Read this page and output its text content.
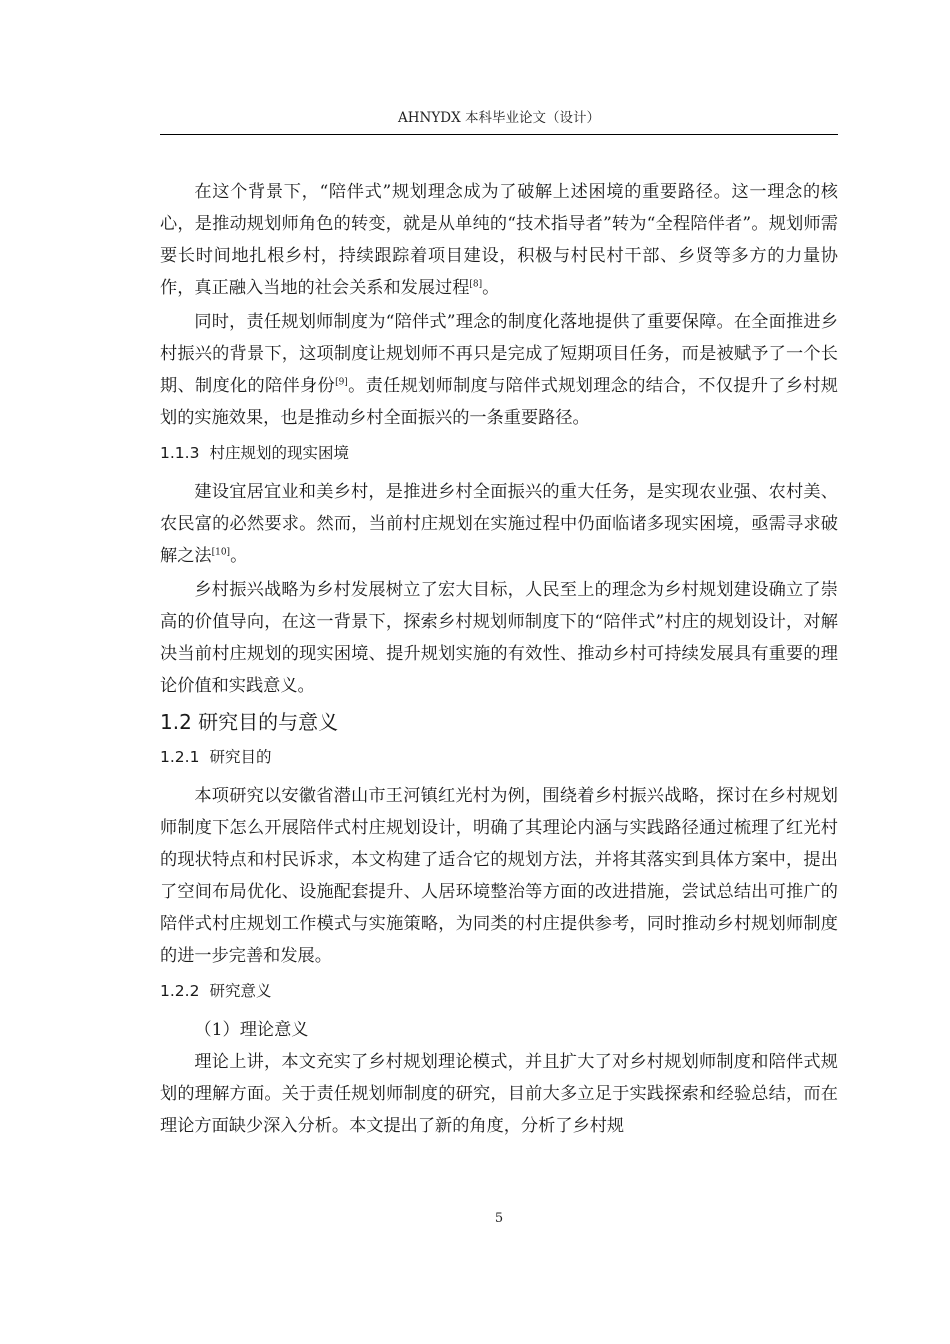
AHNYDX 本科毕业论文（设计）

在这个背景下，“陪伴式”规划理念成为了破解上述困境的重要路径。这一理念的核心，是推动规划师角色的转变，就是从单纯的“技术指导者”转为“全程陪伴者”。规划师需要长时间地扎根乡村，持续跟踪着项目建设，积极与村民村干部、乡贤等多方的力量协作，真正融入当地的社会关系和发展过程[8]。

同时，责任规划师制度为“陪伴式”理念的制度化落地提供了重要保障。在全面推进乡村振兴的背景下，这项制度让规划师不再只是完成了短期项目任务，而是被赋予了一个长期、制度化的陪伴身份[9]。责任规划师制度与陪伴式规划理念的结合，不仅提升了乡村规划的实施效果，也是推动乡村全面振兴的一条重要路径。

1.1.3 村庄规划的现实困境

建设宜居宜业和美乡村，是推进乡村全面振兴的重大任务，是实现农业强、农村美、农民富的必然要求。然而，当前村庄规划在实施过程中仍面临诸多现实困境，亟需寻求破解之法[10]。

乡村振兴战略为乡村发展树立了宏大目标，人民至上的理念为乡村规划建设确立了崇高的价值导向，在这一背景下，探索乡村规划师制度下的“陪伴式”村庄的规划设计，对解决当前村庄规划的现实困境、提升规划实施的有效性、推动乡村可持续发展具有重要的理论价值和实践意义。

1.2 研究目的与意义
1.2.1 研究目的

本项研究以安徽省潜山市王河镇红光村为例，围绕着乡村振兴战略，探讨在乡村规划师制度下怎么开展陪伴式村庄规划设计，明确了其理论内涵与实践路径通过梳理了红光村的现状特点和村民诉求，本文构建了适合它的规划方法，并将其落实到具体方案中，提出了空间布局优化、设施配套提升、人居环境整治等方面的改进措施，尝试总结出可推广的陪伴式村庄规划工作模式与实施策略，为同类的村庄提供参考，同时推动乡村规划师制度的进一步完善和发展。

1.2.2 研究意义

（1）理论意义

理论上讲，本文充实了乡村规划理论模式，并且扩大了对乡村规划师制度和陪伴式规划的理解方面。关于责任规划师制度的研究，目前大多立足于实践探索和经验总结，而在理论方面缺少深入分析。本文提出了新的角度，分析了乡村规

5
